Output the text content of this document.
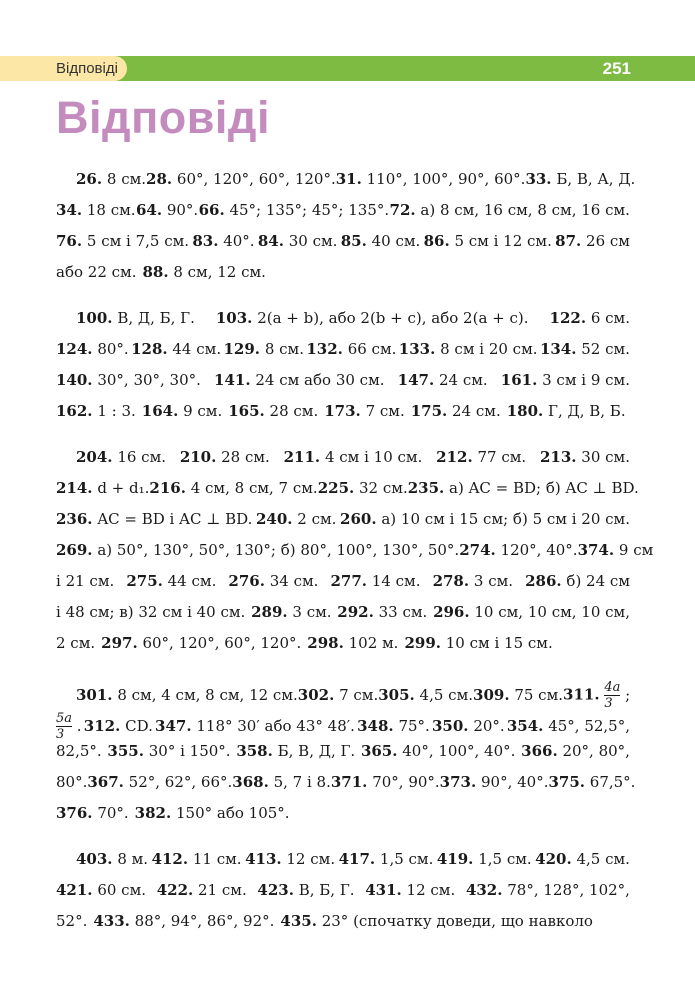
Відповіді	251
Відповіді
26. 8 см. 28. 60°, 120°, 60°, 120°. 31. 110°, 100°, 90°, 60°. 33. Б, В, А, Д.
34. 18 см. 64. 90°. 66. 45°; 135°; 45°; 135°. 72. а) 8 см, 16 см, 8 см, 16 см.
76. 5 см і 7,5 см. 83. 40°. 84. 30 см. 85. 40 см. 86. 5 см і 12 см. 87. 26 см
або 22 см. 88. 8 см, 12 см.
100. В, Д, Б, Г. 103. 2(a + b), або 2(b + c), або 2(a + c). 122. 6 см.
124. 80°. 128. 44 см. 129. 8 см. 132. 66 см. 133. 8 см і 20 см. 134. 52 см.
140. 30°, 30°, 30°. 141. 24 см або 30 см. 147. 24 см. 161. 3 см і 9 см.
162. 1 : 3. 164. 9 см. 165. 28 см. 173. 7 см. 175. 24 см. 180. Г, Д, В, Б.
204. 16 см. 210. 28 см. 211. 4 см і 10 см. 212. 77 см. 213. 30 см.
214. d + d₁. 216. 4 см, 8 см, 7 см. 225. 32 см. 235. а) AC = BD; б) AC ⊥ BD.
236. AC = BD і AC ⊥ BD. 240. 2 см. 260. а) 10 см і 15 см; б) 5 см і 20 см.
269. а) 50°, 130°, 50°, 130°; б) 80°, 100°, 130°, 50°. 274. 120°, 40°. 374. 9 см
і 21 см. 275. 44 см. 276. 34 см. 277. 14 см. 278. 3 см. 286. б) 24 см
і 48 см; в) 32 см і 40 см. 289. 3 см. 292. 33 см. 296. 10 см, 10 см, 10 см,
2 см. 297. 60°, 120°, 60°, 120°. 298. 102 м. 299. 10 см і 15 см.
301. 8 см, 4 см, 8 см, 12 см. 302. 7 см. 305. 4,5 см. 309. 75 см. 311. $\frac{4a}{3}$ ;
$\frac{5a}{3}$ . 312. CD. 347. 118° 30′ або 43° 48′. 348. 75°. 350. 20°. 354. 45°, 52,5°,
82,5°. 355. 30° і 150°. 358. Б, В, Д, Г. 365. 40°, 100°, 40°. 366. 20°, 80°,
80°. 367. 52°, 62°, 66°. 368. 5, 7 і 8. 371. 70°, 90°. 373. 90°, 40°. 375. 67,5°.
376. 70°. 382. 150° або 105°.
403. 8 м. 412. 11 см. 413. 12 см. 417. 1,5 см. 419. 1,5 см. 420. 4,5 см.
421. 60 см. 422. 21 см. 423. В, Б, Г. 431. 12 см. 432. 78°, 128°, 102°,
52°. 433. 88°, 94°, 86°, 92°. 435. 23° (спочатку доведи, що навколо
